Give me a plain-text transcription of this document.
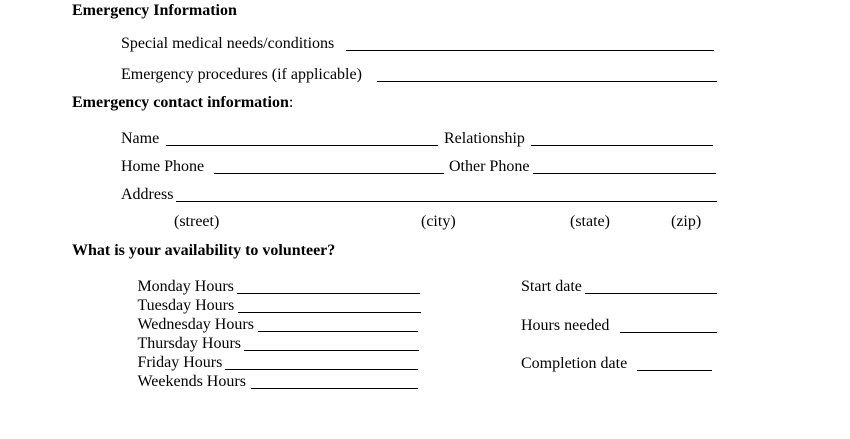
Emergency Information
Special medical needs/conditions
Emergency procedures (if applicable)
Emergency contact information:
Name	Relationship
Home Phone	Other Phone
Address
(street)	(city)	(state)	(zip)
What is your availability to volunteer?
Monday Hours
Tuesday Hours
Wednesday Hours
Thursday Hours
Friday Hours
Weekends Hours
Start date
Hours needed
Completion date
